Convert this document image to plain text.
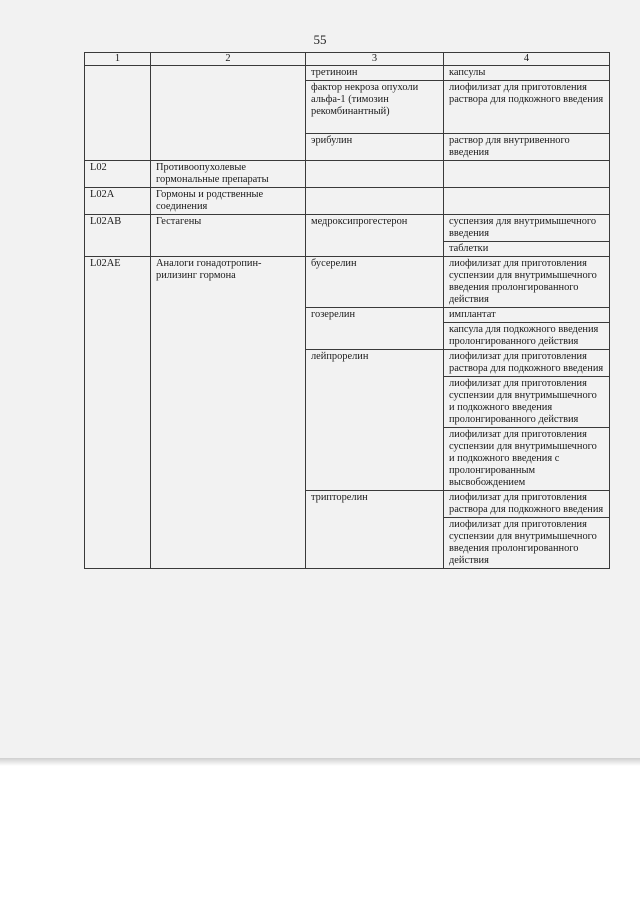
55
1	2	3	4
		третиноин	капсулы
		фактор некроза опухоли альфа-1 (тимозин рекомбинантный)	лиофилизат для приготовления раствора для подкожного введения
		эрибулин	раствор для внутривенного введения
L02	Противоопухолевые гормональные препараты		
L02A	Гормоны и родственные соединения		
L02AB	Гестагены	медроксипрогестерон	суспензия для внутримышечного введения
			таблетки
L02AE	Аналоги гонадотропин-рилизинг гормона	бусерелин	лиофилизат для приготовления суспензии для внутримышечного введения пролонгированного действия
		гозерелин	имплантат
			капсула для подкожного введения пролонгированного действия
		лейпрорелин	лиофилизат для приготовления раствора для подкожного введения
			лиофилизат для приготовления суспензии для внутримышечного и подкожного введения пролонгированного действия
			лиофилизат для приготовления суспензии для внутримышечного и подкожного введения с пролонгированным высвобождением
		трипторелин	лиофилизат для приготовления раствора для подкожного введения
			лиофилизат для приготовления суспензии для внутримышечного введения пролонгированного действия
